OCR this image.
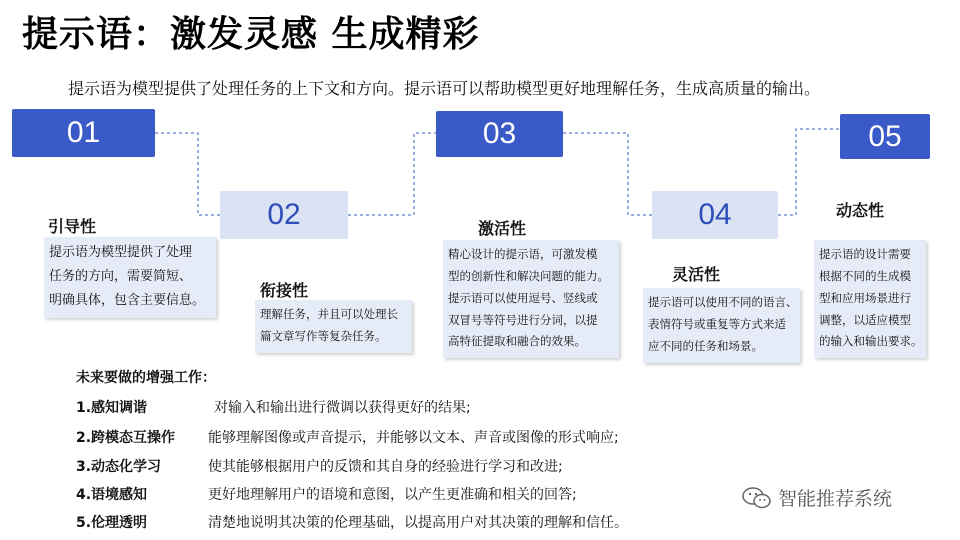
提示语：激发灵感 生成精彩
提示语为模型提供了处理任务的上下文和方向。提示语可以帮助模型更好地理解任务，生成高质量的输出。
01
引导性
提示语为模型提供了处理
任务的方向，需要简短、
明确具体，包含主要信息。
02
衔接性
理解任务，并且可以处理长
篇文章写作等复杂任务。
03
激活性
精心设计的提示语，可激发模
型的创新性和解决问题的能力。
提示语可以使用逗号、竖线或
双冒号等符号进行分词，以提
高特征提取和融合的效果。
04
灵活性
提示语可以使用不同的语言、
表情符号或重复等方式来适
应不同的任务和场景。
05
动态性
提示语的设计需要
根据不同的生成模
型和应用场景进行
调整，以适应模型
的输入和输出要求。
未来要做的增强工作：
1.感知调谐	对输入和输出进行微调以获得更好的结果;
2.跨模态互操作 能够理解图像或声音提示，并能够以文本、声音或图像的形式响应;
3.动态化学习	使其能够根据用户的反馈和其自身的经验进行学习和改进;
4.语境感知	更好地理解用户的语境和意图，以产生更准确和相关的回答;
5.伦理透明	清楚地说明其决策的伦理基础，以提高用户对其决策的理解和信任。
智能推荐系统
